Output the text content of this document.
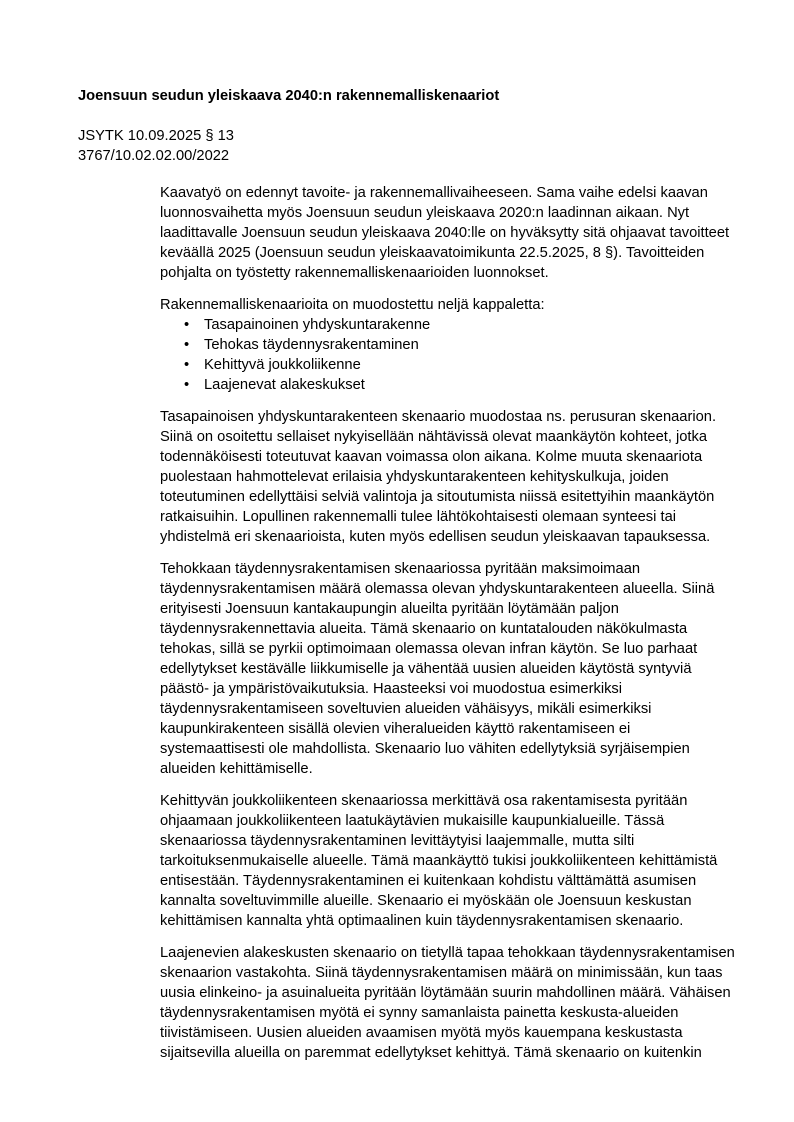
Joensuun seudun yleiskaava 2040:n rakennemalliskenaariot
JSYTK 10.09.2025 § 13
3767/10.02.02.00/2022

Kaavatyö on edennyt tavoite- ja rakennemallivaiheeseen. Sama vaihe edelsi kaavan luonnosvaihetta myös Joensuun seudun yleiskaava 2020:n laadinnan aikaan. Nyt laadittavalle Joensuun seudun yleiskaava 2040:lle on hyväksytty sitä ohjaavat tavoitteet keväällä 2025 (Joensuun seudun yleiskaavatoimikunta 22.5.2025, 8 §). Tavoitteiden pohjalta on työstetty rakennemalliskenaarioiden luonnokset.

Rakennemalliskenaarioita on muodostettu neljä kappaletta:

•Tasapainoinen yhdyskuntarakenne
•Tehokas täydennysrakentaminen
•Kehittyvä joukkoliikenne
•Laajenevat alakeskukset

Tasapainoisen yhdyskuntarakenteen skenaario muodostaa ns. perusuran skenaarion. Siinä on osoitettu sellaiset nykyisellään nähtävissä olevat maankäytön kohteet, jotka todennäköisesti toteutuvat kaavan voimassa olon aikana. Kolme muuta skenaariota puolestaan hahmottelevat erilaisia yhdyskuntarakenteen kehityskulkuja, joiden toteutuminen edellyttäisi selviä valintoja ja sitoutumista niissä esitettyihin maankäytön ratkaisuihin. Lopullinen rakennemalli tulee lähtökohtaisesti olemaan synteesi tai yhdistelmä eri skenaarioista, kuten myös edellisen seudun yleiskaavan tapauksessa.

Tehokkaan täydennysrakentamisen skenaariossa pyritään maksimoimaan täydennysrakentamisen määrä olemassa olevan yhdyskuntarakenteen alueella. Siinä erityisesti Joensuun kantakaupungin alueilta pyritään löytämään paljon täydennysrakennettavia alueita. Tämä skenaario on kuntatalouden näkökulmasta tehokas, sillä se pyrkii optimoimaan olemassa olevan infran käytön. Se luo parhaat edellytykset kestävälle liikkumiselle ja vähentää uusien alueiden käytöstä syntyviä päästö- ja ympäristövaikutuksia. Haasteeksi voi muodostua esimerkiksi täydennysrakentamiseen soveltuvien alueiden vähäisyys, mikäli esimerkiksi kaupunkirakenteen sisällä olevien viheralueiden käyttö rakentamiseen ei systemaattisesti ole mahdollista. Skenaario luo vähiten edellytyksiä syrjäisempien alueiden kehittämiselle.

Kehittyvän joukkoliikenteen skenaariossa merkittävä osa rakentamisesta pyritään ohjaamaan joukkoliikenteen laatukäytävien mukaisille kaupunkialueille. Tässä skenaariossa täydennysrakentaminen levittäytyisi laajemmalle, mutta silti tarkoituksenmukaiselle alueelle. Tämä maankäyttö tukisi joukkoliikenteen kehittämistä entisestään. Täydennysrakentaminen ei kuitenkaan kohdistu välttämättä asumisen kannalta soveltuvimmille alueille. Skenaario ei myöskään ole Joensuun keskustan kehittämisen kannalta yhtä optimaalinen kuin täydennysrakentamisen skenaario.

Laajenevien alakeskusten skenaario on tietyllä tapaa tehokkaan täydennysrakentamisen skenaarion vastakohta. Siinä täydennysrakentamisen määrä on minimissään, kun taas uusia elinkeino- ja asuinalueita pyritään löytämään suurin mahdollinen määrä. Vähäisen täydennysrakentamisen myötä ei synny samanlaista painetta keskusta-alueiden tiivistämiseen. Uusien alueiden avaamisen myötä myös kauempana keskustasta sijaitsevilla alueilla on paremmat edellytykset kehittyä. Tämä skenaario on kuitenkin
